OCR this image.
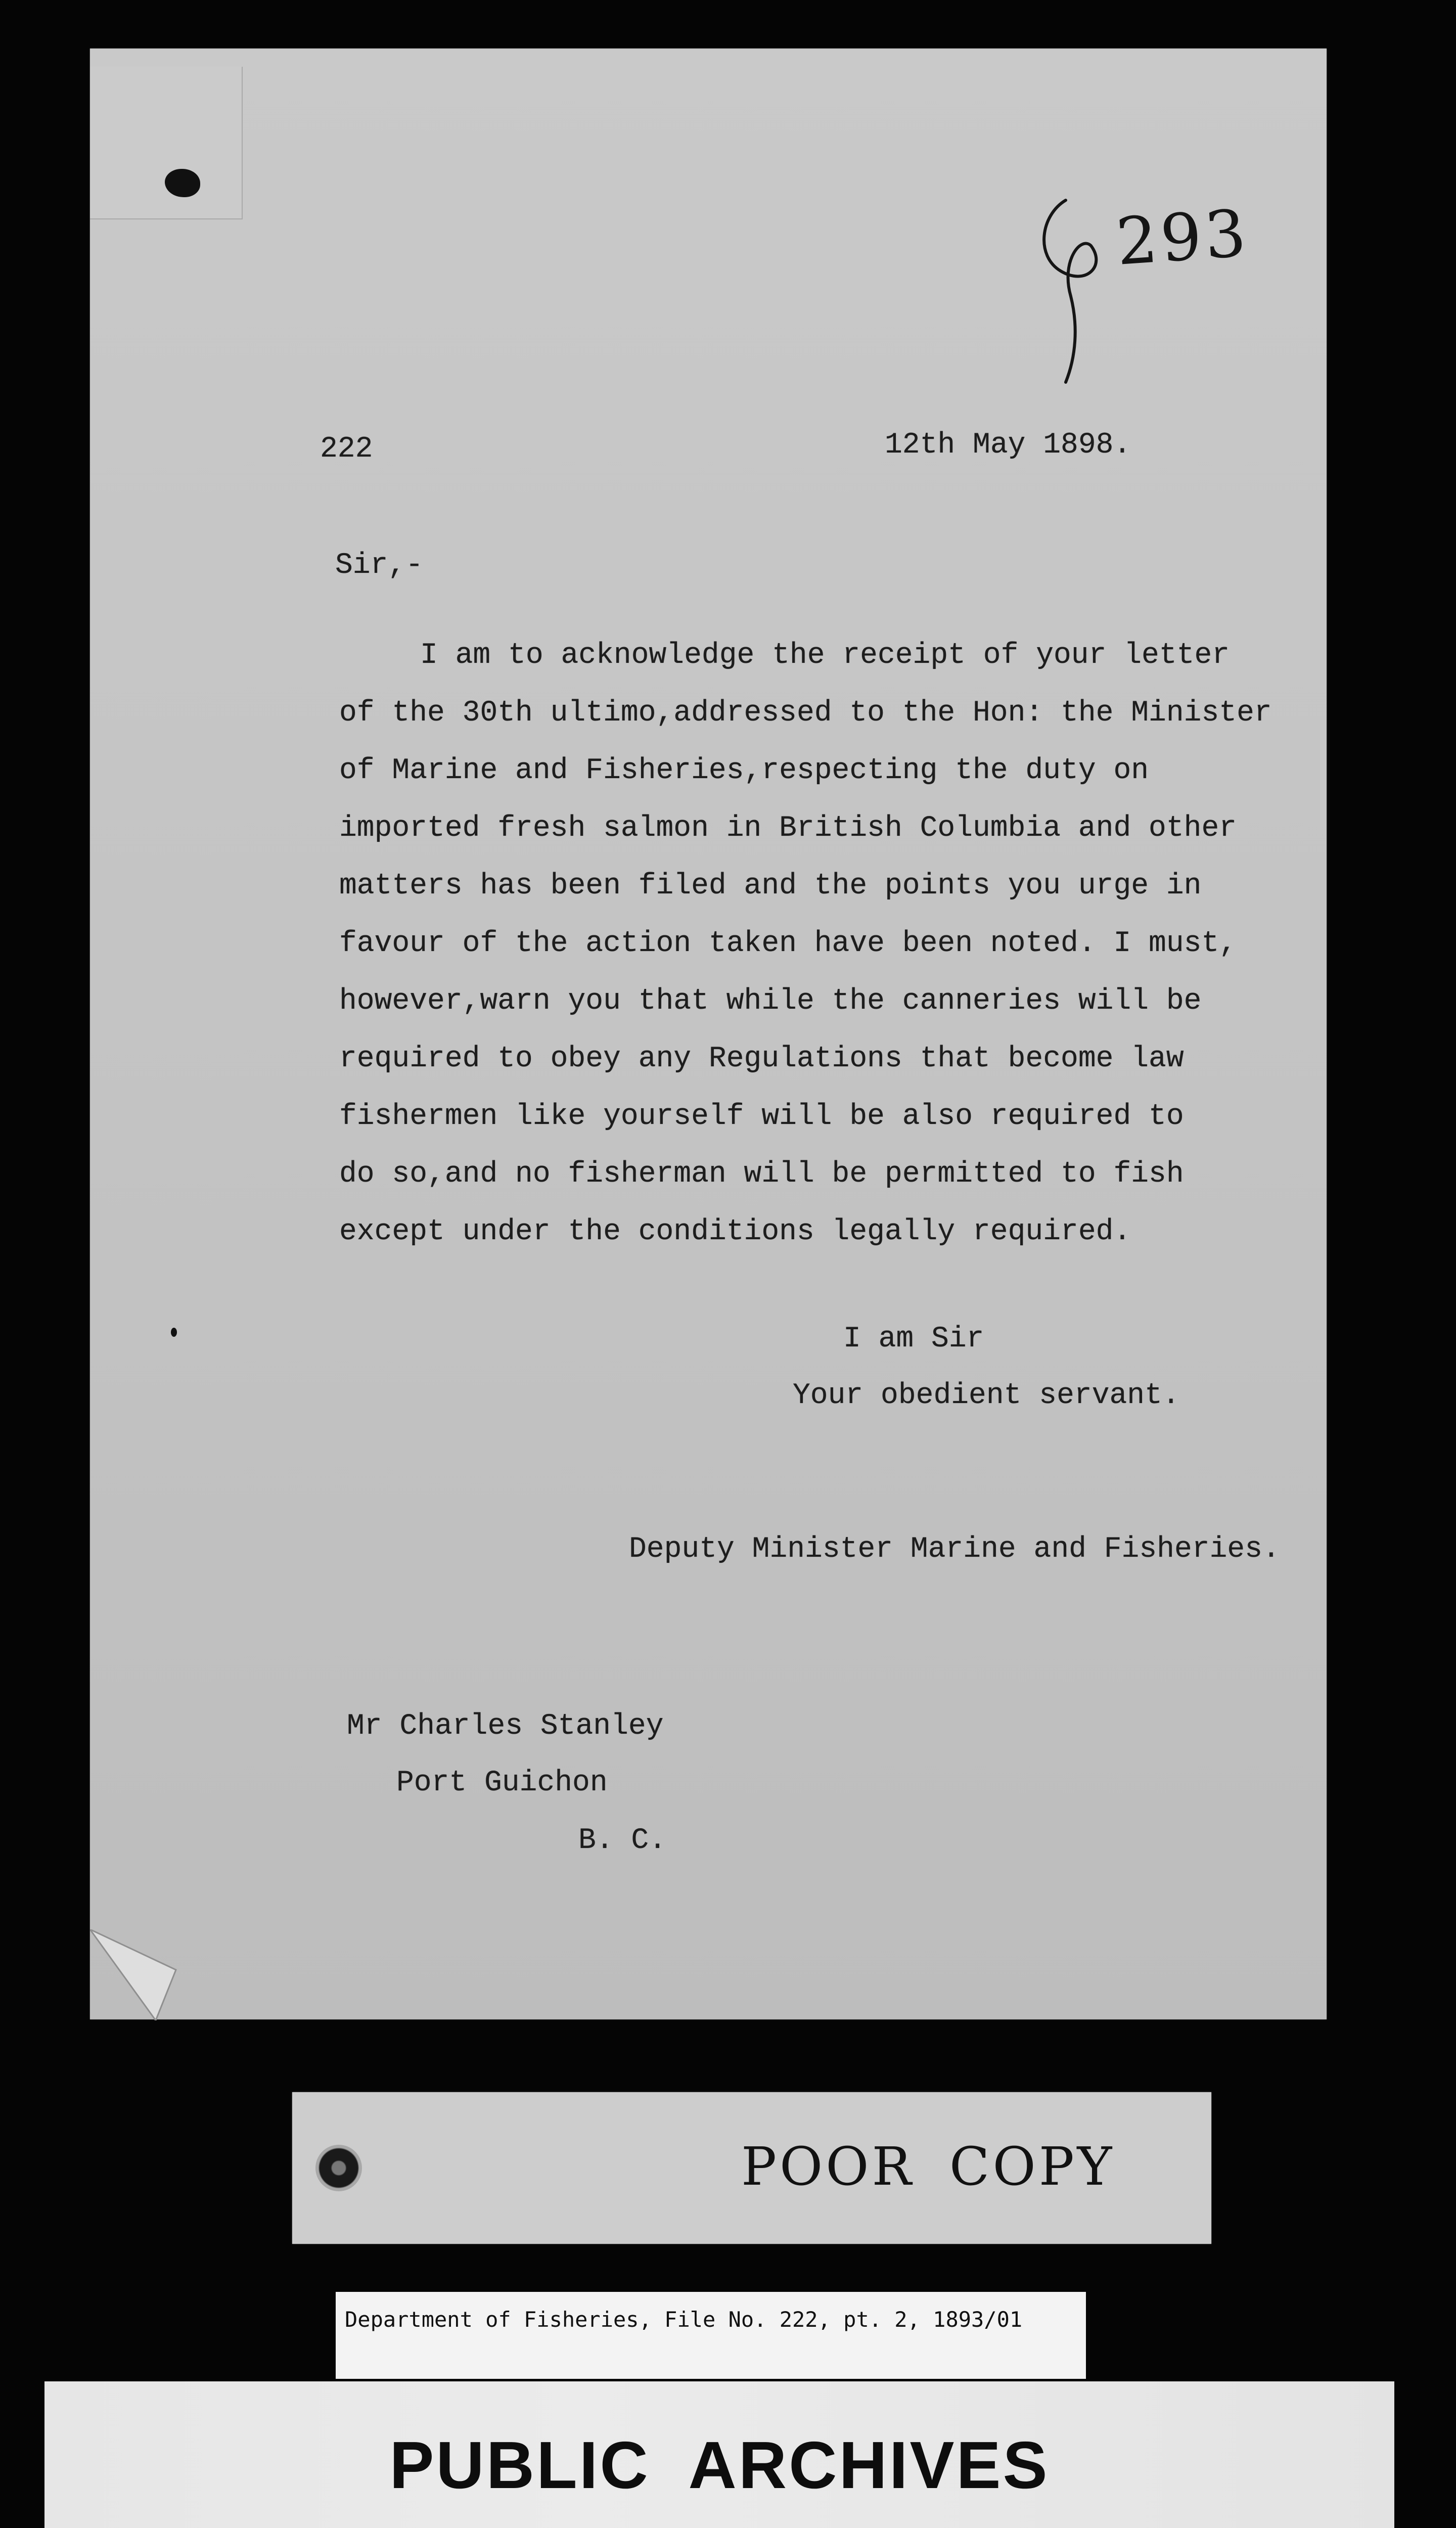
293
222	12th May 1898.
Sir,-
I am to acknowledge the receipt of your letter
of the 30th ultimo,addressed to the Hon: the Minister
of Marine and Fisheries,respecting the duty on
imported fresh salmon in British Columbia and other
matters has been filed and the points you urge in
favour of the action taken have been noted. I must,
however,warn you that while the canneries will be
required to obey any Regulations that become law
fishermen like yourself will be also required to
do so,and no fisherman will be permitted to fish
except under the conditions legally required.
I am Sir
Your obedient servant.
Deputy Minister Marine and Fisheries.
Mr Charles Stanley
Port Guichon
B. C.
POOR COPY
Department of Fisheries, File No. 222, pt. 2, 1893/01
PUBLIC ARCHIVES
